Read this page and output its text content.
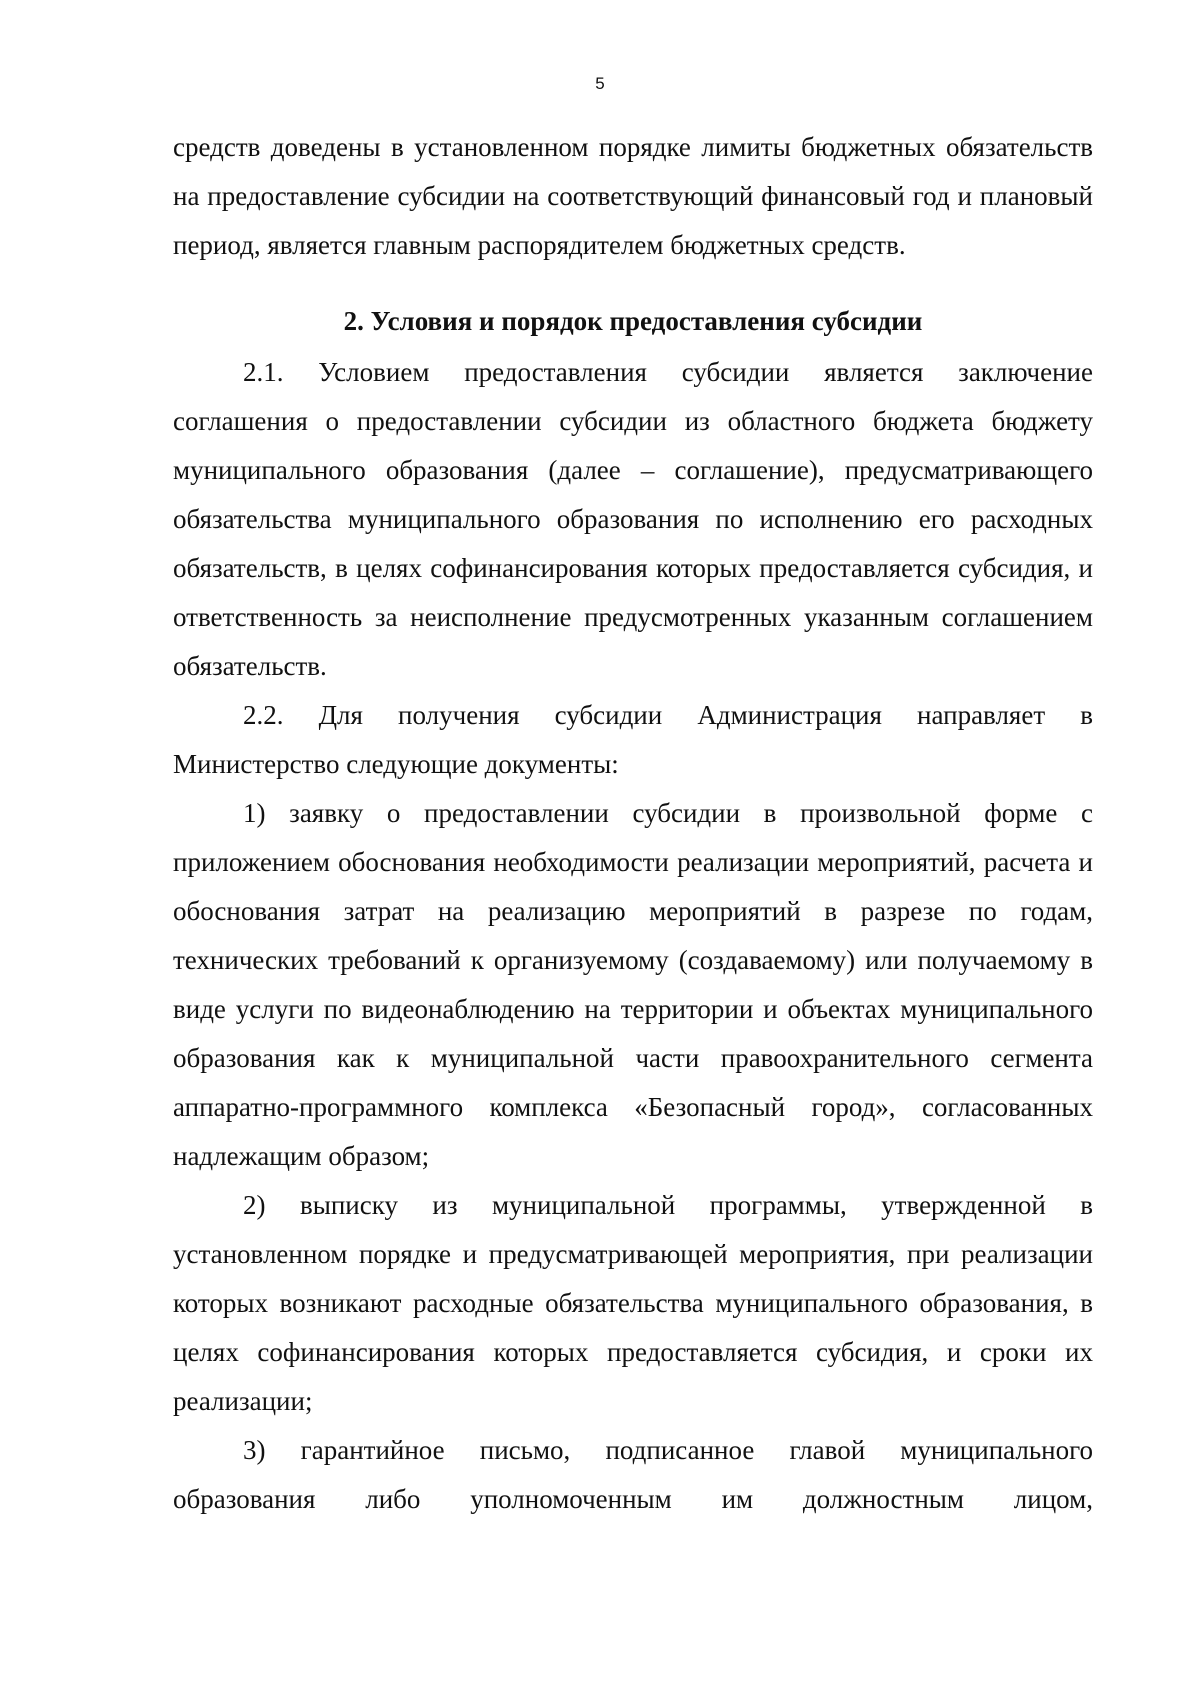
5

средств доведены в установленном порядке лимиты бюджетных обязательств на предоставление субсидии на соответствующий финансовый год и плановый период, является главным распорядителем бюджетных средств.

2. Условия и порядок предоставления субсидии

2.1. Условием предоставления субсидии является заключение соглашения о предоставлении субсидии из областного бюджета бюджету муниципального образования (далее – соглашение), предусматривающего обязательства муниципального образования по исполнению его расходных обязательств, в целях софинансирования которых предоставляется субсидия, и ответственность за неисполнение предусмотренных указанным соглашением обязательств.

2.2. Для получения субсидии Администрация направляет в Министерство следующие документы:

1) заявку о предоставлении субсидии в произвольной форме с приложением обоснования необходимости реализации мероприятий, расчета и обоснования затрат на реализацию мероприятий в разрезе по годам, технических требований к организуемому (создаваемому) или получаемому в виде услуги по видеонаблюдению на территории и объектах муниципального образования как к муниципальной части правоохранительного сегмента аппаратно-программного комплекса «Безопасный город», согласованных надлежащим образом;

2) выписку из муниципальной программы, утвержденной в установленном порядке и предусматривающей мероприятия, при реализации которых возникают расходные обязательства муниципального образования, в целях софинансирования которых предоставляется субсидия, и сроки их реализации;

3) гарантийное письмо, подписанное главой муниципального образования либо уполномоченным им должностным лицом,
